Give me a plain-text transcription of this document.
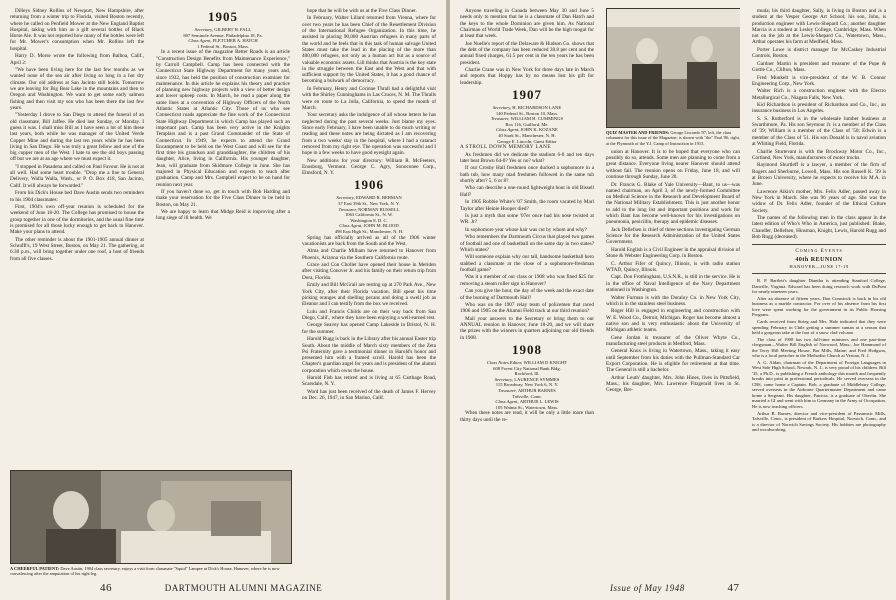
Dilleys Sidney Rollins of Newport, New Hampshire, after returning from a winter trip to Florida, visited Boston recently, where he called on Penfield Mower at the New England Baptist Hospital, taking with him as a gift several bottles of Black Horse Ale. It was not reported how many of the bottles were left for Mr. Mower's consumption when Mr. Rollins left the hospital.

Harry D. Morse wrote the following from Balboa, Calif., April 2:

"We have been living here for the last few months as we wanted none of the sea air after living so long in a hot dry climate. Our old address at San Jacinto still holds. Tomorrow we are leaving for Big Bear Lake in the mountains and then to Oregon and Washington. We want to get some early salmon fishing and then visit my son who has been there the last few years.

"Yesterday I drove to San Diego to attend the funeral of an old classmate, Bill Jaffee. He died last Sunday, or Monday. I guess it was. I shall miss Bill as I have seen a lot of him these last years, both while he was manager of the United Verde Copper Mine and during the last ten years while he has been living in San Diego. He was truly a great fellow and one of the big copper men of the West. I hate to see the old boys passing off but we are at an age where we must expect it.

"I stopped in Pasadena and called on Paul Favour. He is not at all well. Had some heart trouble. "Drop me a line to General Delivery, Walla Walla, Wash., or P. O. Box 418, San Jacinto, Calif. It will always be forwarded."

From his Dick's House bed Dave Austin sends two reminders to his 1904 classmates:

First, 1904's own off-year reunion is scheduled for the weekend of June 18-20. The College has promised to house the group together in one of the dormitories, and the usual fine time is promised for all those lucky enough to get back to Hanover. Make your plans to attend.

The other reminder is about the 1901-1905 annual dinner at Schrafft's, 19 West Street, Boston, on May 21. The gathering, at 6:30 p.m., will bring together under one roof, a host of friends from all five classes.

1905
Secretary, GILBERT H. FALL
807 Seminole Avenue, Philadelphia 18, Pa.
Class Agent, FLETCHER A. HATCH
1 Federal St., Boston, Mass.

In a recent issue of the magazine Better Roads is an article "Construction Design Benefits from Maintenance Experience," by Carroll Campbell. Camp has been connected with the Connecticut State Highway Department for many years and, since 1932, has held the position of construction examiner for maintenance. In this article he explains his theory and practice of planning new highway projects with a view of better design and lower upkeep costs. In March, he read a paper along the same lines at a convention of Highway Officers of the North Atlantic States at Atlantic City. Those of us who see Connecticut roads appreciate the fine work of the Connecticut State Highway Department in which Camp has played such an important part. Camp has been very active in the Knights Templars and is a past Grand Commander of the State of Connecticut. In 1949, he expects to attend the Grand Encampment to be held on the West Coast and will see for the first time his grandson and granddaughter, the children of his daughter, Alice, living in California. His younger daughter, Jean, will graduate from Skidmore College in June. She has majored in Physical Education and expects to teach after graduation. Camp and Mrs. Campbell expect to be on hand for reunion next year.

If you haven't done so, get in touch with Bob Harding and make your reservation for the Five Class Dinner to be held in Boston, on May 21.

We are happy to learn that Midge Reid is improving after a long siege of ill health. We

hope that he will be with us at the Five Class Dinner.

In February, Walter Lillard returned from Vienna, where for over two years he has been Chief of the Resettlement Division of the International Refugee Organization. In this time, he assisted in placing 90,000 Austrian refugees in many parts of the world and he feels that in this task of human salvage United States must take the lead in the placing of the more than 400,000 refugees, not only as a human act but as a source of valuable economic assets. Lill thinks that Austria is the key state in the struggle between the East and the West and that with sufficient support by the United States, it has a good chance of becoming a bulwark of democracy.

In February, Henry and Corinne Thrall had a delightful visit with the Shirley Cunninghams in Las Cruces, N. M. The Thralls were en route to La Jolla, California, to spend the month of March.

Your secretary asks the indulgence of all whose letters he has neglected during the past several weeks. Just blame my eyes. Since early February, I have been unable to do much writing or reading and these notes are being dictated as I am recovering from a two weeks' stay in the hospital, where I had a cataract removed from my right eye. The operation was successful and I hope in a few weeks to have good eyesight again.

New additions for your directory: William R. McFeeters, Enosburg, Vermont. George C. Agry, Sonoconee Corp., Elmsford, N. Y.

1906
Secretary, EDWARD R. BERMAN
37 East 39th St., New York, N. Y.
Treasurer, NORMAN RUSSELL
1063 California St., N. W.
Washington 8, D. C.
Class Agent, JOHN M. BLOOD
498 East High St., Manchester, N. H.

Spring has officially arrived as all of the 1906 winter vacationists are back from the South and the West.

Alma and Charlie Milham have returned to Hanover from Phoenix, Arizona via the Southern California route.

Grace and Con Chollet have opened their house in Meriden after visiting Conover Jr. and his family on their return trip from Dora, Florida.

Emily and Bill McGrail are resting up at 270 Park Ave., New York City, after their Florida vacation. Bill spent his time picking oranges and shelling pecans and doing a swell job as Eleanor and I can testify from the box we received.

Lulu and Francis Childs are on their way back from San Diego, Calif., where they have been enjoying a well-earned rest.

George Seavey has opened Camp Lakeside in Bristol, N. H. for the summer.

Harold Rugg is back in the Library after his annual Easter trip South. About the middle of March sixty members of the Zeta Psi Fraternity gave a testimonial dinner in Harold's honor and presented him with a framed scroll. Harold has been the Chapter's guardian angel for years and is president of the alumni corporation which owns the house.

Harold Fish has retired and is living at 65 Carthage Road, Scarsdale, N. Y.

Word has just been received of the death of James F. Hervey on Dec. 26, 1947, in San Marino, Calif.

A CHEERFUL PATIENT: Dave Austin, 1904 class secretary, enjoys a visit from classmate "Squid" Lampee at Dick's House, Hanover, where he is now convalescing after the amputation of his right leg.
46	DARTMOUTH ALUMNI MAGAZINE

Anyone traveling in Canada between May 30 and June 5 needs only to mention that he is a classmate of Dan Hatch and the keys to the whole Dominion are given him. As National Chairman of World Trade Week, Dan will be the high mogul for at least that week.

Joe Nuelle's report of the Delaware & Hudson Co. shows that the debt of the company has been reduced 38.8 per cent and the annual fixed charges, 61.5 per cent in the ten years he has been president.

Charlie Crane was in New York for three days late in March and reports that Hoppy has by no means lost his gift for leadership.

1907
Secretary, H. RICHARDSON LANE
140 Federal St., Boston 10, Mass.
Treasurer, WILLIAM H. CUMMINGS
Box 116, Guilford, Me.
Class Agent, JOHN K. KOZANE
40 Stark St., Manchester, N. H.
George E. Lincoln, Guest Editor

A STROLL DOWN MEMORY LANE

As freshmen did we dedicate the stadium 6-0 and ten days later beat Brown 64-0? Yes or no? what?

If our Crosby Hall freshmen once ducked a sophomore in a bath tub, how many mad freshmen followed in the same tub shortly after? 5, 6 or 8?

Who can describe a one-round lightweight bout in old Bissell Hall?

In 1905 Robbie White's '07 Smith, the room vacated by Marl Taylor after Heinie Hooper died?

Is just a myth that some '07er once had his nose twisted at WR. Jr?

In sophomore year whose hair was cut by whom and why?

Who remembers the Dartmouth Circus that played two games of football and one of basketball on the same day in two states? Which states?

Will someone explain why our tall, handsome basketball hero stabbed a classmate at the close of a sophomore-freshman football game?

Was it a member of our class or 1908 who was fined $25 for removing a steam roller sign in Hanover?

Can you give the hour, the day of the week and the exact date of the burning of Dartmouth Hall?

Who was on the 1907 relay team of policemen that raced 1906 and 1905 on the Alumni Field track at our third reunion?

Mail your answers to the Secretary or bring them to our ANNUAL reunion in Hanover, June 18-20, and we will share the prizes with the winners in quarters adjoining our old friends in 1908.

1908
Class Notes Editor, WILLIAM D KNIGHT
608 Forest City National Bank Bldg.
Rockford, Ill.
Secretary, LAURENCE SYMMES
115 Broadway, New York 6, N. Y.
Treasurer, ARTHUR BARNES
Tafsville, Conn.
Class Agent, ARTHUR L. LEWIS
105 Walnut St., Watertown, Mass.

When these notes are read, it will be only a little more than thirty days until the re-

QUIZ MASTER AND FRIENDS: George Liscomb '07, left, the class columnist for this issue of the Magazine, is shown with "the" Paul '06, right, at the Plymouth of the Y.J. Camp of Instruction in 1913.

union at Hanover. It is to be hoped that everyone who can possibly do so, attends. Some men are planning to come from a great distance. Everyone living nearer Hanover should attend without fail. The reunion opens on Friday, June 18, and will continue through Sunday, June 20.

Dr. Francis G. Blake of Yale University—Bant, to us—was named chairman, on April 3, of the newly-formed Committee on Medical Science in the Research and Development Board of the National Military Establishment. This is just another honor to add to the long list and important positions and work for which Bant has become well-known for his investigations on pneumonia, penicillin, therapy and epidemic diseases.

Jack Dellefsen is chief of three sections investigating German Science for the Research Administration of the United States Government.

Harold English is a Civil Engineer in the appraisal division of Stone & Webster Engineering Corp. in Boston.

C. Arthur Fifer of Quincy, Illinois, is with radio station WTAD, Quincy, Illinois.

Capt. Don Frothingham, U.S.N.R., is still in the service. He is in the office of Naval Intelligence of the Navy Department stationed in Washington.

Walter Furman is with the Duraloy Co. in New York City, which is in the stainless steel business.

Roger Hill is engaged in engineering and construction with W. E. Wood Co., Detroit, Michigan. Roger has become almost a native son and is very enthusiastic about the University of Michigan athletic teams.

Gene Jordan is treasurer of the Oliver Whyte Co., manufacturing steel products in Medford, Mass.

General Knox is living in Watertown, Mass., taking it easy until September from his duties with the Pullman-Standard Car Export Corporation. He is eligible for retirement at that time. The General is still a bachelor.

Arthur Leuth' daughter, Mrs. John Hines, lives in Pittsfield, Mass.; his daughter, Mrs. Lawrence Fitzgerald lives in St. George, Ber-

muda; his third daughter, Sally, is living in Boston and is a student at the Vesper George Art School; his son, John, is production engineer with Lewis-Shepard Co.; another daughter Marcia is a student at Lesley College, Cambridge, Mass. When not on the job at the Lewis-Shepard Co., Watertown, Mass., Arthur operates his farm at Medfield, Mass.

Porter Lowe is district manager for McCaskey Industrial Controls, Boston.

Gardner Martin is president and treasurer of the Pope & Gottle Co., Clifton, Mass.

Fred Munkelt is vice-president of the W. B. Connor Engineering Corp., New York.

Walter Rich is a construction engineer with the Electro Metallurgical Co., Niagara Falls, New York.

Kid Richardson is president of Richardson and Co., Inc., an insurance business in Los Angeles.

S. S. Rutherford is in the wholesale lumber business at Swarthmore, Pa. His son Seymour Jr. is a member of the Class of '39; William is a member of the Class of '50; Edwin is a member of the Class of '51. His son Donald is in naval aviation at Whiting Field, Florida.

Charlie Sturtevant is with the Brockway Motor Co., Inc., Cortland, New York, manufacturers of motor trucks.

Raymond Shurtleff is a lawyer, a member of the firm of Rogers and Sherburne, Lowell, Mass. His son Russell K. '39 is at Brown University, where he expects to receive his M.A. in June.

Lawrence Aikin's mother, Mrs. Felix Adler, passed away in New York in March. She was 96 years of age. She was the widow of Dr. Felix Adler, founder of the Ethical Culture Society.

The names of the following men in the class appear in the latest edition of Who's Who in America, just published: Blake, Chandler, Dellefsen, Hinsman, Knight, Lewis, Harold Rugg and Bob Rugg (deceased).

Coming Events
40th REUNION
HANOVER—JUNE 17-19

R. P. Bartlett's daughter Diantha is attending Stanford College, Danville, Virginia. Edward has been doing research work with DuPont for nearly nineteen years.

After an absence of fifteen years, Don Comstock is back in his old business as a marble contractor. For over of his absence from his first love were spent working for the government in its Public Housing Program.

Cards received from Strieg and Mrs. Hale indicated that they were spending February in Chile getting a summer suntan at a season that held a gorgeous take at the foot of a snow clad volcano.

The class of 1908 has two full-time ministers and one part-time clergyman—Walter Bill English of Norwood, Mass.; Joe Hammond of the Terry Hill Meeting House, Bar Mills, Maine; and Fred Hodgson, who is a local preacher in the Methodist Church at Verona, N. J.

A. G. Aldan, chairman of the Department of Foreign Languages in West Side High School, Newark, N. J., is very proud of his children. Bill '35, a Ph.D., is publishing a French anthology this month and frequently breaks into print in professional periodicals. He served overseas in the CBS, came home a Captain. Bob, a graduate of Middlebury College, served overseas in the Airborne Quartermaster Department and came home a Sergeant. His daughter, Patricia, is a graduate of Oberlin. She married a GI and went with him to Germany in the Army of Occupation. He is now teaching officers.

Arthur B. Barnes, director and vice-president of Passumsic Mills, Tafsville, Conn., is president of Barkers Hospital, Norwich, Conn., and is a director of Norwich Savings Society. His hobbies are photography and woodworking.

Issue of May 1948	47
